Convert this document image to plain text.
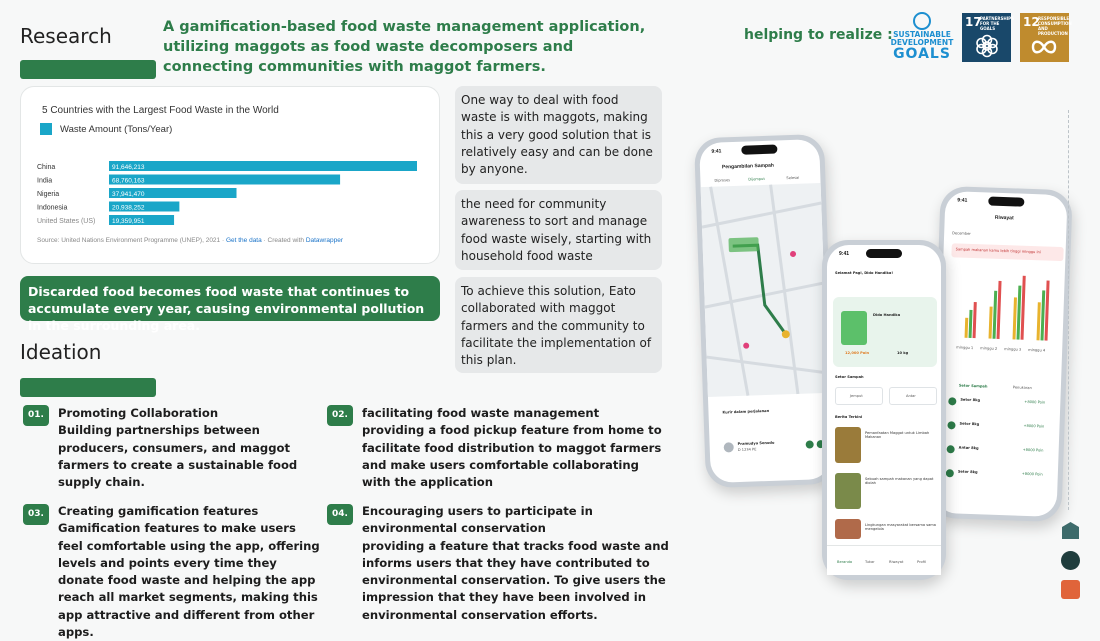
Research	A gamification-based food waste management application, utilizing maggots as food waste decomposers and connecting communities with maggot farmers.
helping to realize : SUSTAINABLE DEVELOPMENT
GOALS
17
PARTNERSHIPS FOR THE GOALS	12
RESPONSIBLE CONSUMPTION AND PRODUCTION
5 Countries with the Largest Food Waste in the World
Waste Amount (Tons/Year)
China	91,646,213
India	68,760,163
Nigeria	37,941,470
Indonesia	20,938,252
United States (US)	19,359,951
Source: United Nations Environment Programme (UNEP), 2021 · Get the data · Created with Datawrapper
Discarded food becomes food waste that continues to accumulate every year, causing environmental pollution in the surrounding area.
One way to deal with food waste is with maggots, making this a very good solution that is relatively easy and can be done by anyone.
the need for community awareness to sort and manage food waste wisely, starting with household food waste
To achieve this solution, Eato collaborated with maggot farmers and the community to facilitate the implementation of this plan.
Ideation
01.	Promoting Collaboration
Building partnerships between producers, consumers, and maggot farmers to create a sustainable food supply chain.
02.	facilitating food waste management
providing a food pickup feature from home to facilitate food distribution to maggot farmers and make users comfortable collaborating with the application
03.	Creating gamification features
Gamification features to make users feel comfortable using the app, offering levels and points every time they donate food waste and helping the app reach all market segments, making this app attractive and different from other apps.
04.	Encouraging users to participate in environmental conservation
providing a feature that tracks food waste and informs users that they have contributed to environmental conservation. To give users the impression that they have been involved in environmental conservation efforts.
9:41
Pengambilan Sampah
Diproses	Dijemput	Selesai
Kurir dalam perjalanan
Pramudya Senodo
D 1234 PE
9:41
Riwayat
December
Sampah makanan kamu lebih tinggi minggu ini
minggu 1 minggu 2 minggu 3 minggu 4
Setor Sampah	Penukaran
Setor 8kg	+8000 Poin
Setor 8kg	+8000 Poin
Antar 8kg	+8000 Poin
Setor 8kg	+8000 Poin
9:41
Selamat Pagi, Dido Handika!
Dido Handika
12,000 Poin	10 kg
Setor Sampah
Jemput	Antar
Berita Terkini
Pemanfaatan Maggot untuk Limbah Makanan
Sebuah sampah makanan yang dapat diolah
Lingkungan masyarakat bersama sama mengelola
Beranda	Tukar	Riwayat	Profil
